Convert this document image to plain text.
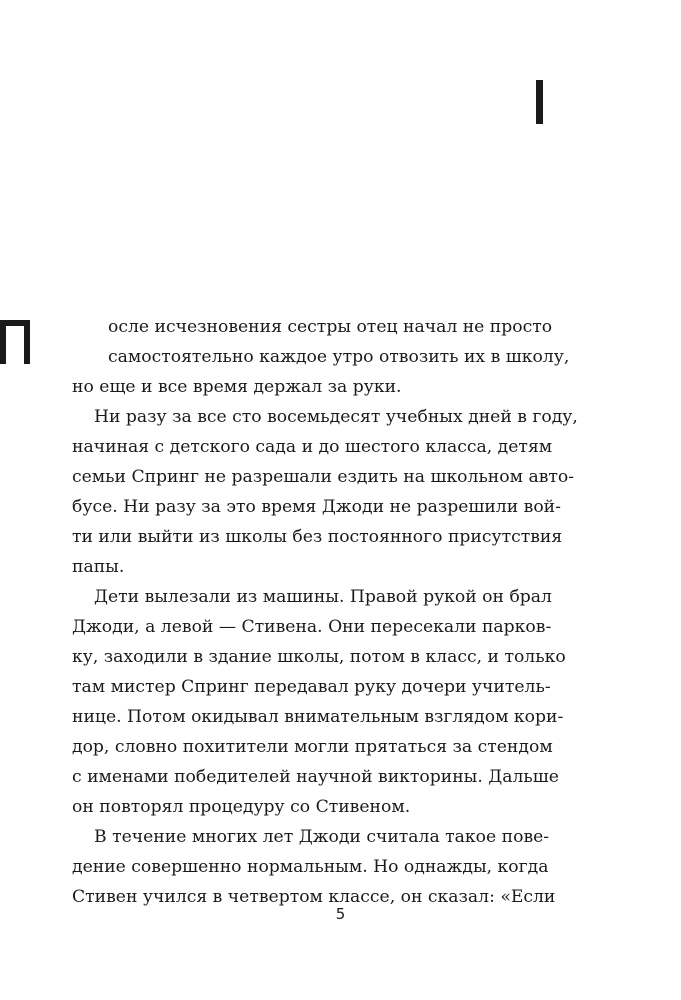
осле исчезновения сестры отец начал не просто
самостоятельно каждое утро отвозить их в школу,
но еще и все время держал за руки.
Ни разу за все сто восемьдесят учебных дней в году,
начиная с детского сада и до шестого класса, детям
семьи Спринг не разрешали ездить на школьном авто-
бусе. Ни разу за это время Джоди не разрешили вой-
ти или выйти из школы без постоянного присутствия
папы.
Дети вылезали из машины. Правой рукой он брал
Джоди, а левой — Стивена. Они пересекали парков-
ку, заходили в здание школы, потом в класс, и только
там мистер Спринг передавал руку дочери учитель-
нице. Потом окидывал внимательным взглядом кори-
дор, словно похитители могли прятаться за стендом
с именами победителей научной викторины. Дальше
он повторял процедуру со Стивеном.
В течение многих лет Джоди считала такое пове-
дение совершенно нормальным. Но однажды, когда
Стивен учился в четвертом классе, он сказал: «Если
5
